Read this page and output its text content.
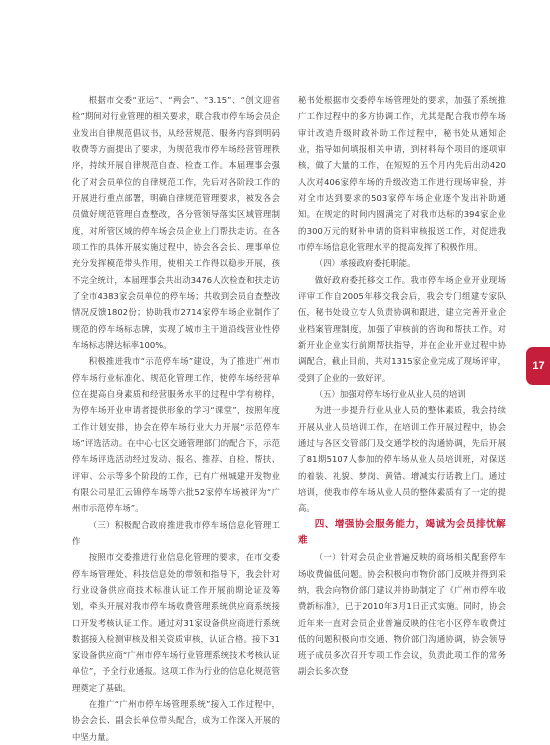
根据市交委“亚运”、“两会”、“3.15”、“创文迎省检”期间对行业管理的相关要求，联合我市停车场会员企业发出自律规范倡议书，从经营规范、服务内容到明码收费等方面提出了要求，为规范我市停车场经营管理秩序，持续开展自律规范自查、检查工作。本届理事会强化了对会员单位的自律规范工作，先后对各阶段工作的开展进行重点部署，明确自律规范管理要求，被发各会员做好规范管理自查整改，各分管领导落实区域管理制度，对所管区域的停车场会员企业上门帮扶走访。在各项工作的具体开展实施过程中，协会各会长、理事单位充分发挥模范带头作用，使相关工作得以稳步开展，孩不完全统计，本届理事会共出动3476人次检查和扶走访了全市4383家会员单位的停车场；共收到会员自查整改情况反馈1802份；协助我市2714家停车场企业制作了规范的停车场标志牌，实现了城市主干道沿线营业性停车场标志牌达标率100%。

积极推进我市“示范停车场”建设，为了推进广州市停车场行业标准化、规范化管理工作，使停车场经营单位在提高自身素质和经营服务水平的过程中学有榜样，为停车场开业申请者提供形象的学习“课堂”，按照年度工作计划安排，协会在停车场行业大力开展“示范停车场”评选活动。在中心七区交通管理部门的配合下，示范停车场评选活动经过发动、报名、推荐、自检、帮扶、评审、公示等多个阶段的工作，已有广州城建开发物业有限公司星汇云锦停车场等六批52家停车场被评为“广州市示范停车场”。

（三）积极配合政府推进我市停车场信息化管理工作

按照市交委推进行业信息化管理的要求，在市交委停车场管理处、科技信息处的带领和指导下，我会针对行业设备供应商技术标准认证工作开展前期论证及筹划，牵头开展对我市停车场收费管理系统供应商系统接口开发考核认证工作。通过对31家设备供应商进行系统数据接入检测审核及相关资质审核，认证合格。接下31家设备供应商“广州市停车场行业管理系统技术考核认证单位”，予全行业通报。这项工作为行业的信息化规范管理奠定了基础。

在推广“广州市停车场管理系统”接入工作过程中，协会会长、副会长单位带头配合，成为工作深入开展的中坚力量。

秘书处根据市交委停车场管理处的要求，加强了系统推广工作过程中的多方协调工作，尤其是配合我市停车场审计改造升级时政补助工作过程中，秘书处从通知企业，指导如何填报相关申请，到材料每个项目的逐项审核，做了大量的工作，在短短的五个月内先后出动420人次对406家停车场的升级改造工作进行现场审验，并对全市达到要求的503家停车场企业逐个发出补助通知。在规定的时间内圆满完了对我市达标的394家企业的300万元的财补申请的资料审核报送工作，对促进我市停车场信息化管理水平的提高发挥了积极作用。

（四）承接政府委托职能。

做好政府委托移交工作。我市停车场企业开业现场评审工作自2005年移交我会后，我会专门组建专家队伍，秘书处设立专人负责协调和跟进，建立完善开业企业档案管理制度，加强了审核前的咨询和帮扶工作。对新开业企业实行前期帮扶指导，并在企业开业过程中协调配合，截止目前，共对1315家企业完成了现场评审，受到了企业的一致好评。

（五）加强对停车场行业从业人员的培训

为进一步提升行业从业人员的整体素质，我会持续开展从业人员培训工作，在培训工作开展过程中，协会通过与各区交管部门及交通学校的沟通协调，先后开展了81期5107人参加的停车场从业人员培训班，对保送的着装、礼貌、梦岗、黄错、增减实行话教上门。通过培训，使我市停车场从业人员的整体素质有了一定的提高。

四、增强协会服务能力，竭诚为会员排忧解难

（一）针对会员企业普遍反映的商场相关配套停车场收费偏低问题。协会积极向市物价部门反映并得到采纳，我会向物价部门建议并协助制定了《广州市停车收费新标准》，已于2010年3月1日正式实施。同时，协会近年来一直对会员企业普遍反映的住宅小区停车收费过低的问题积极向市交通、物价部门沟通协调，协会领导班子成员多次召开专项工作会议，负责此项工作的常务副会长多次登

17
